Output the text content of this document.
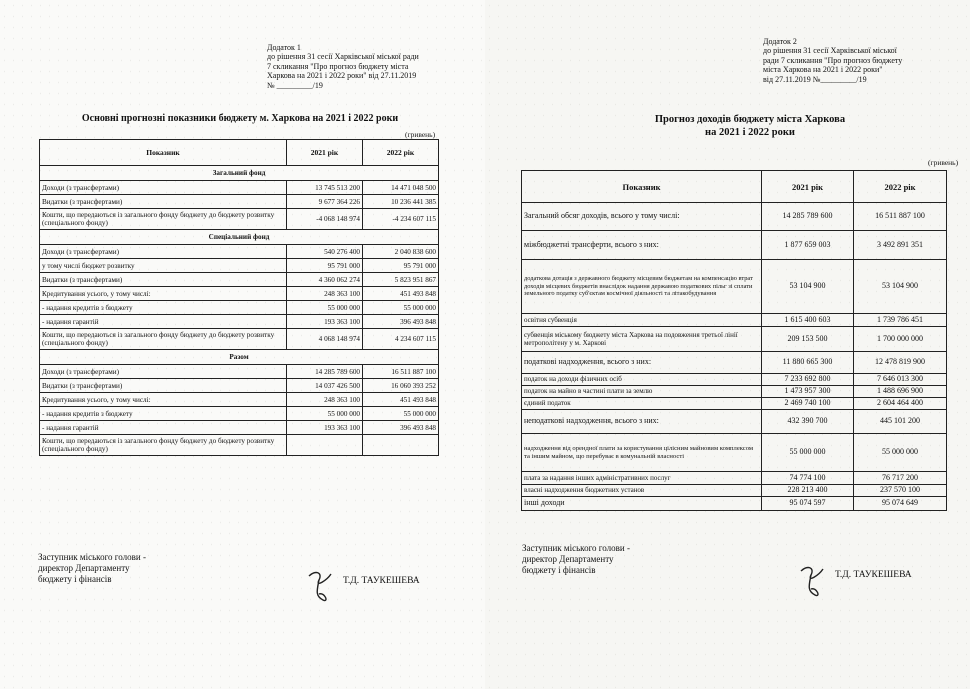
Додаток 1
до рішення 31 сесії Харківської міської ради
7 скликання "Про прогноз бюджету міста
Харкова на 2021 і 2022 роки" від 27.11.2019
№ _________/19
Основні прогнозні показники бюджету м. Харкова на 2021 і 2022 роки
(гривень)
Показник	2021 рік	2022 рік
Загальний фонд		
Доходи (з трансфертами)	13 745 513 200	14 471 048 500
Видатки (з трансфертами)	9 677 364 226	10 236 441 385
Кошти, що передаються із загального фонду бюджету до бюджету розвитку (спеціального фонду)	-4 068 148 974	-4 234 607 115
Спеціальний фонд		
Доходи (з трансфертами)	540 276 400	2 040 838 600
у тому числі бюджет розвитку	95 791 000	95 791 000
Видатки (з трансфертами)	4 360 062 274	5 823 951 867
Кредитування усього, у тому числі:	248 363 100	451 493 848
- надання кредитів з бюджету	55 000 000	55 000 000
- надання гарантій	193 363 100	396 493 848
Кошти, що передаються із загального фонду бюджету до бюджету розвитку (спеціального фонду)	4 068 148 974	4 234 607 115
Разом		
Доходи (з трансфертами)	14 285 789 600	16 511 887 100
Видатки (з трансфертами)	14 037 426 500	16 060 393 252
Кредитування усього, у тому числі:	248 363 100	451 493 848
- надання кредитів з бюджету	55 000 000	55 000 000
- надання гарантій	193 363 100	396 493 848
Кошти, що передаються із загального фонду бюджету до бюджету розвитку (спеціального фонду)		
Заступник міського голови -
директор Департаменту
бюджету і фінансів	Т.Д. ТАУКЕШЕВА
Додаток 2
до рішення 31 сесії Харківської міської
ради 7 скликання "Про прогноз бюджету
міста Харкова на 2021 і 2022 роки"
від 27.11.2019 №_________/19
Прогноз доходів бюджету міста Харкова
на 2021 і 2022 роки
(гривень)
Показник	2021 рік	2022 рік
Загальний обсяг доходів, всього у тому числі:	14 285 789 600	16 511 887 100
міжбюджетні трансферти, всього з них:	1 877 659 003	3 492 891 351
додаткова дотація з державного бюджету місцевим бюджетам на компенсацію втрат доходів місцевих бюджетів внаслідок надання державою податкових пільг зі сплати земельного податку суб'єктам космічної діяльності та літакобудування	53 104 900	53 104 900
освітня субвенція	1 615 400 603	1 739 786 451
субвенція міському бюджету міста Харкова на подовження третьої лінії метрополітену у м. Харкові	209 153 500	1 700 000 000
податкові надходження, всього з них:	11 880 665 300	12 478 819 900
податок на доходи фізичних осіб	7 233 692 800	7 646 013 300
податок на майно в частині плати за землю	1 473 957 300	1 488 696 900
єдиний податок	2 469 740 100	2 604 464 400
неподаткові надходження, всього з них:	432 390 700	445 101 200
надходження від орендної плати за користування цілісним майновим комплексом та іншим майном, що перебуває в комунальній власності	55 000 000	55 000 000
плата за надання інших адміністративних послуг	74 774 100	76 717 200
власні надходження бюджетних установ	228 213 400	237 570 100
інші доходи	95 074 597	95 074 649
Заступник міського голови -
директор Департаменту
бюджету і фінансів	Т.Д. ТАУКЕШЕВА
